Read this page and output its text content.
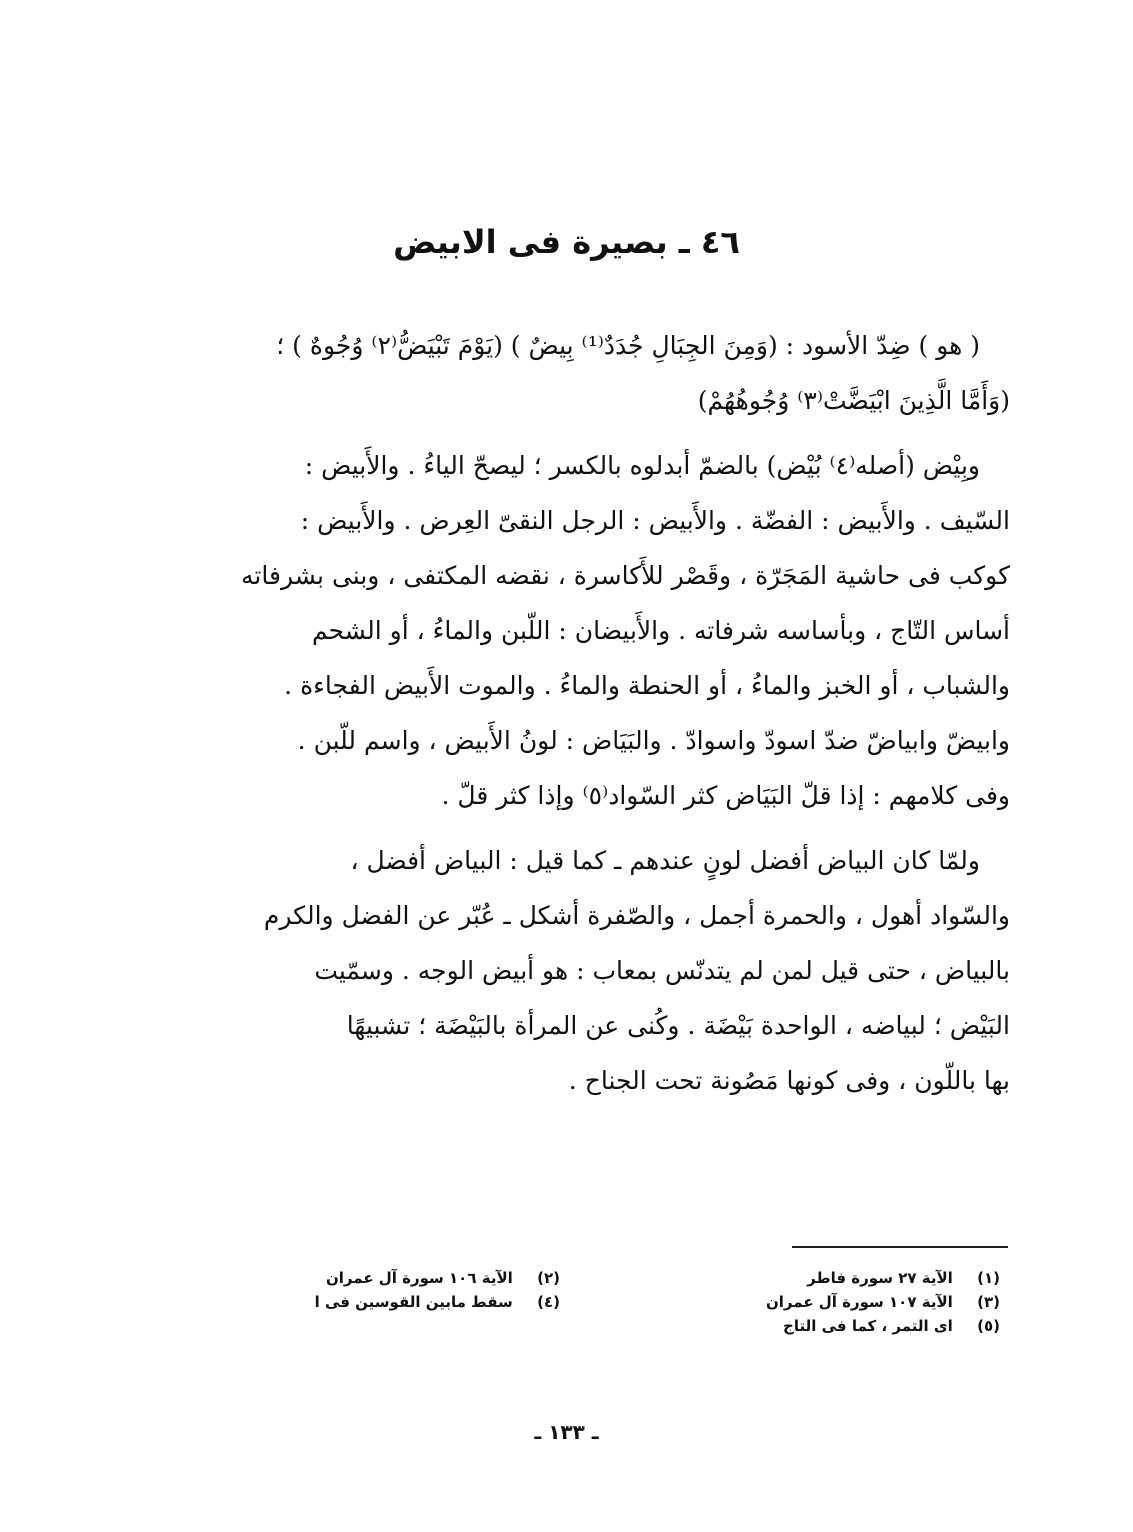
٤٦ ـ بصيرة فى الابيض

( هو ) ضِدّ الأسود : (وَمِنَ الجِبَالِ جُدَدٌ⁽¹⁾ بِيضٌ ) (يَوْمَ تَبْيَضُّ⁽٢⁾ وُجُوهٌ ) ؛
(وَأَمَّا الَّذِينَ ابْيَضَّتْ⁽٣⁾ وُجُوهُهُمْ)

وبِيْض (أصله⁽٤⁾ بُيْض) بالضمّ أبدلوه بالكسر ؛ ليصحّ الياءُ . والأَبيض :
السّيف . والأَبيض : الفضّة . والأَبيض : الرجل النقىّ العِرض . والأَبيض :
كوكب فى حاشية المَجَرّة ، وقَصْر للأَكاسرة ، نقضه المكتفى ، وبنى بشرفاته
أساس التّاج ، وبأساسه شرفاته . والأَبيضان : اللّبن والماءُ ، أو الشحم
والشباب ، أو الخبز والماءُ ، أو الحنطة والماءُ . والموت الأَبيض الفجاءة .
وابيضّ وابياضّ ضدّ اسودّ واسوادّ . والبَيَاض : لونُ الأَبيض ، واسم للّبن .
وفى كلامهم : إذا قلّ البَيَاض كثر السّواد⁽٥⁾ وإذا كثر قلّ .

ولمّا كان البياض أفضل لونٍ عندهم ـ كما قيل : البياض أفضل ،
والسّواد أهول ، والحمرة أجمل ، والصّفرة أشكل ـ عُبّر عن الفضل والكرم
بالبياض ، حتى قيل لمن لم يتدنّس بمعاب : هو أبيض الوجه . وسمّيت
البَيْض ؛ لبياضه ، الواحدة بَيْضَة . وكُنى عن المرأة بالبَيْضَة ؛ تشبيهًا
بها باللّون ، وفى كونها مَصُونة تحت الجناح .

(١) الآية ٢٧ سورة فاطر
(٣) الآية ١٠٧ سورة آل عمران
(٥) اى التمر ، كما فى التاج
(٢) الآية ١٠٦ سورة آل عمران
(٤) سقط مابين القوسين فى ا
ـ ١٣٣ ـ
